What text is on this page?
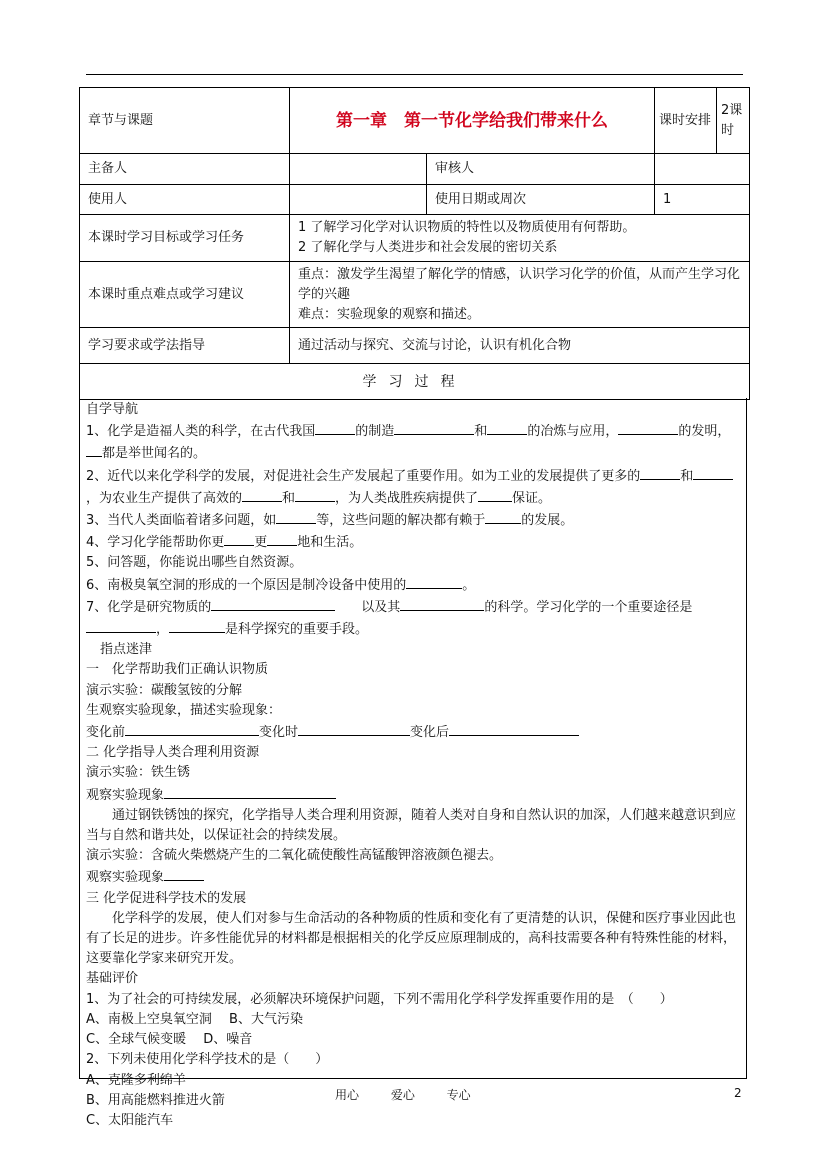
章节与课题	第一章　第一节化学给我们带来什么		课时安排	2课时
主备人		审核人		
使用人		使用日期或周次	1	
本课时学习目标或学习任务	1 了解学习化学对认识物质的特性以及物质使用有何帮助。
2 了解化学与人类进步和社会发展的密切关系			

本课时重点难点或学习建议	重点：激发学生渴望了解化学的情感，认识学习化学的价值，从而产生学习化学的兴趣
难点：实验现象的观察和描述。			

学习要求或学法指导	通过活动与探究、交流与讨论，认识有机化合物			
学习过程				

自学导航

1、化学是造福人类的科学，在古代我国	的制造	和	的冶炼与应用，	的发明，都是举世闻名的。

2、近代以来化学科学的发展，对促进社会生产发展起了重要作用。如为工业的发展提供了更多的	和，为农业生产提供了高效的	和	，为人类战胜疾病提供了	保证。

3、当代人类面临着诸多问题，如	等，这些问题的解决都有赖于	的发展。

4、学习化学能帮助你更 更 地和生活。

5、问答题，你能说出哪些自然资源。

6、南极臭氧空洞的形成的一个原因是制冷设备中使用的	。

7、化学是研究物质的　　	以及其	的科学。学习化学的一个重要途径是 ，	是科学探究的重要手段。

指点迷津

一　化学帮助我们正确认识物质

演示实验：碳酸氢铵的分解

生观察实验现象，描述实验现象：

变化前	变化时	变化后

二 化学指导人类合理利用资源

演示实验：铁生锈

观察实验现象

通过钢铁锈蚀的探究，化学指导人类合理利用资源，随着人类对自身和自然认识的加深，人们越来越意识到应当与自然和谐共处，以保证社会的持续发展。

演示实验：含硫火柴燃烧产生的二氧化硫使酸性高锰酸钾溶液颜色褪去。

观察实验现象

三 化学促进科学技术的发展

化学科学的发展，使人们对参与生命活动的各种物质的性质和变化有了更清楚的认识，保健和医疗事业因此也有了长足的进步。许多性能优异的材料都是根据相关的化学反应原理制成的，高科技需要各种有特殊性能的材料，这要靠化学家来研究开发。

基础评价

1、为了社会的可持续发展，必须解决环境保护问题，下列不需用化学科学发挥重要作用的是　（　　）

A、南极上空臭氧空洞　 B、大气污染

C、全球气候变暖　 D、噪音

2、下列未使用化学科学技术的是（　　）

A、克隆多利绵羊

B、用高能燃料推进火箭

C、太阳能汽车

用心 爱心 专心	2
